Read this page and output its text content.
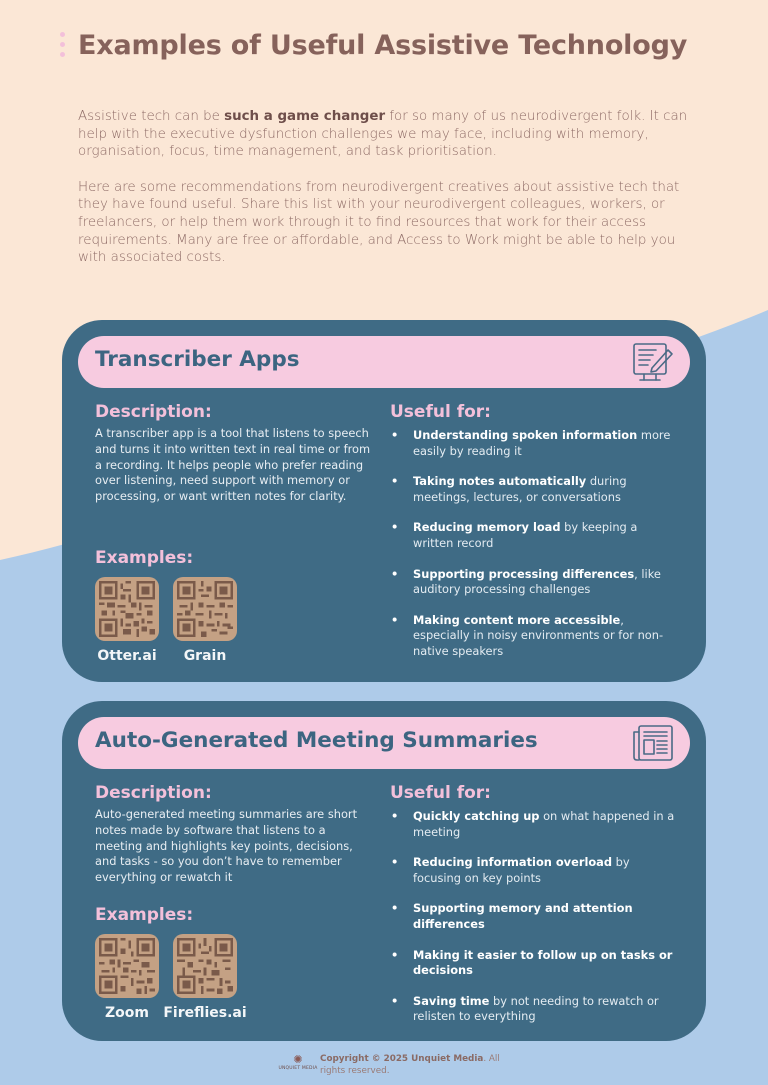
Examples of Useful Assistive Technology

Assistive tech can be such a game changer for so many of us neurodivergent folk. It can help with the executive dysfunction challenges we may face, including with memory, organisation, focus, time management, and task prioritisation.

Here are some recommendations from neurodivergent creatives about assistive tech that they have found useful. Share this list with your neurodivergent colleagues, workers, or freelancers, or help them work through it to find resources that work for their access requirements. Many are free or affordable, and Access to Work might be able to help you with associated costs.

Transcriber Apps
Description:

A transcriber app is a tool that listens to speech and turns it into written text in real time or from a recording. It helps people who prefer reading over listening, need support with memory or processing, or want written notes for clarity.

Examples:
Otter.ai Grain
Useful for:
• Understanding spoken information more easily by reading it
• Taking notes automatically during meetings, lectures, or conversations
• Reducing memory load by keeping a written record
• Supporting processing differences, like auditory processing challenges
• Making content more accessible, especially in noisy environments or for non-native speakers
Auto-Generated Meeting Summaries
Description:

Auto-generated meeting summaries are short notes made by software that listens to a meeting and highlights key points, decisions, and tasks - so you don’t have to remember everything or rewatch it

Examples:
Zoom Fireflies.ai
Useful for:
• Quickly catching up on what happened in a meeting
• Reducing information overload by focusing on key points
• Supporting memory and attention differences
• Making it easier to follow up on tasks or decisions
• Saving time by not needing to rewatch or relisten to everything
✺
UNQUIET MEDIA

Copyright © 2025 Unquiet Media. All rights reserved.
